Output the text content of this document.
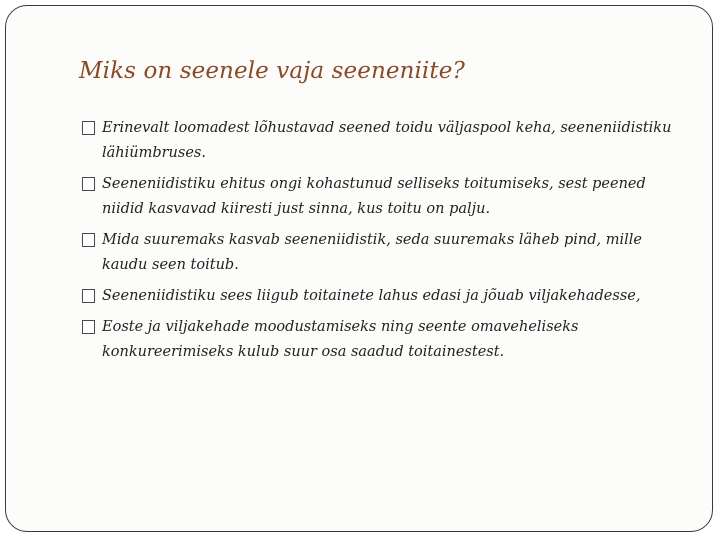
Miks on seenele vaja seeneniite?
Erinevalt loomadest lõhustavad seened toidu väljaspool keha, seeneniidistiku lähiümbruses.
Seeneniidistiku ehitus ongi kohastunud selliseks toitumiseks, sest peened niidid kasvavad kiiresti just sinna, kus toitu on palju.
Mida suuremaks kasvab seeneniidistik, seda suuremaks läheb pind, mille kaudu seen toitub.
Seeneniidistiku sees liigub toitainete lahus edasi ja jõuab viljakehadesse,
Eoste ja viljakehade moodustamiseks ning seente omaveheliseks konkureerimiseks kulub suur osa saadud toitainestest.
